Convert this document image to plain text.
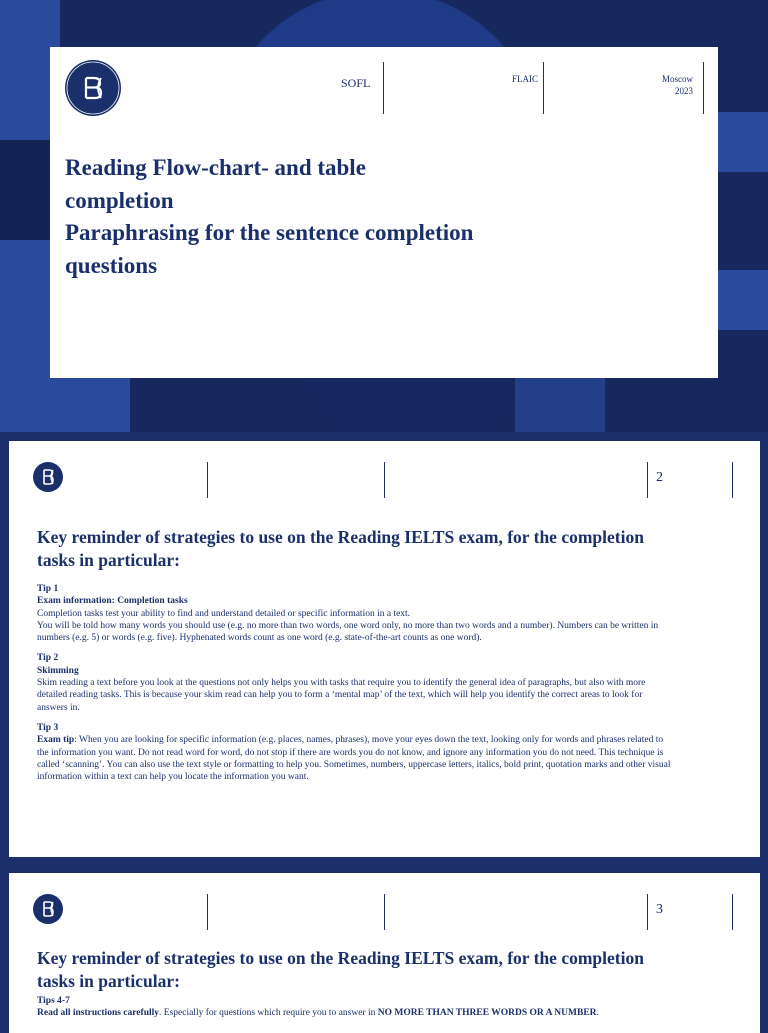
SOFL	FLAIC	Moscow
2023
Reading Flow-chart- and table
completion
Paraphrasing for the sentence completion
questions
2
Key reminder of strategies to use on the Reading IELTS exam, for the completion
tasks in particular:

Tip 1

Exam information: Completion tasks

Completion tasks test your ability to find and understand detailed or specific information in a text.

You will be told how many words you should use (e.g. no more than two words, one word only, no more than two words and a number). Numbers can be written in

numbers (e.g. 5) or words (e.g. five). Hyphenated words count as one word (e.g. state-of-the-art counts as one word).

Tip 2

Skimming

Skim reading a text before you look at the questions not only helps you with tasks that require you to identify the general idea of paragraphs, but also with more

detailed reading tasks. This is because your skim read can help you to form a ‘mental map’ of the text, which will help you identify the correct areas to look for

answers in.

Tip 3

Exam tip: When you are looking for specific information (e.g. places, names, phrases), move your eyes down the text, looking only for words and phrases related to

the information you want. Do not read word for word, do not stop if there are words you do not know, and ignore any information you do not need. This technique is

called ‘scanning’. You can also use the text style or formatting to help you. Sometimes, numbers, uppercase letters, italics, bold print, quotation marks and other visual

information within a text can help you locate the information you want.

3
Key reminder of strategies to use on the Reading IELTS exam, for the completion
tasks in particular:

Tips 4-7

Read all instructions carefully. Especially for questions which require you to answer in NO MORE THAN THREE WORDS OR A NUMBER.
